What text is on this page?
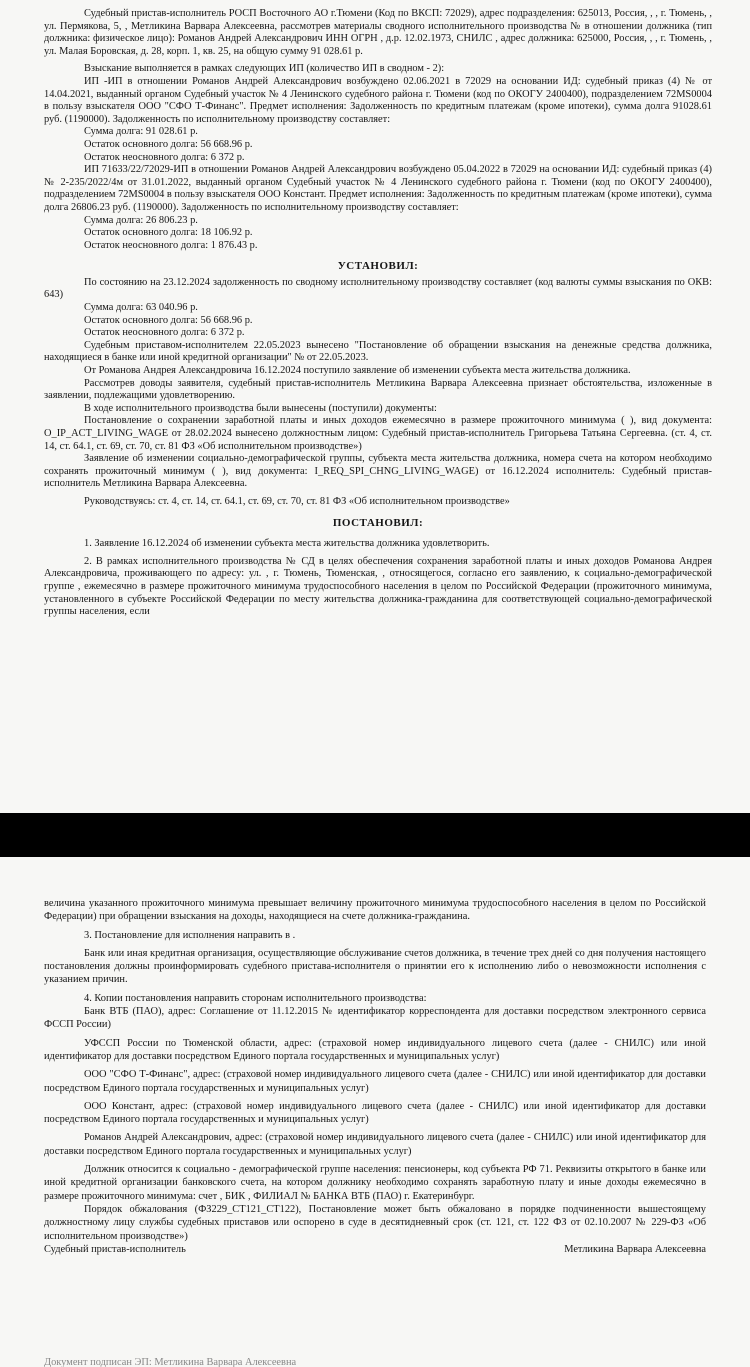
Судебный пристав-исполнитель РОСП Восточного АО г.Тюмени (Код по ВКСП: 72029), адрес подразделения: 625013, Россия, , , г. Тюмень, , ул. Пермякова, 5, , Метликина Варвара Алексеевна, рассмотрев материалы сводного исполнительного производства № в отношении должника (тип должника: физическое лицо): Романов Андрей Александрович ИНН ОГРН , д.р. 12.02.1973, СНИЛС , адрес должника: 625000, Россия, , , г. Тюмень, , ул. Малая Боровская, д. 28, корп. 1, кв. 25, на общую сумму 91 028.61 р.

Взыскание выполняется в рамках следующих ИП (количество ИП в сводном - 2):

ИП -ИП в отношении Романов Андрей Александрович возбуждено 02.06.2021 в 72029 на основании ИД: судебный приказ (4) № от 14.04.2021, выданный органом Судебный участок № 4 Ленинского судебного района г. Тюмени (код по ОКОГУ 2400400), подразделением 72МS0004 в пользу взыскателя ООО "СФО Т-Финанс". Предмет исполнения: Задолженность по кредитным платежам (кроме ипотеки), сумма долга 91028.61 руб. (1190000). Задолженность по исполнительному производству составляет:

Сумма долга: 91 028.61 р.

Остаток основного долга: 56 668.96 р.

Остаток неосновного долга: 6 372 р.

ИП 71633/22/72029-ИП в отношении Романов Андрей Александрович возбуждено 05.04.2022 в 72029 на основании ИД: судебный приказ (4) № 2-235/2022/4м от 31.01.2022, выданный органом Судебный участок № 4 Ленинского судебного района г. Тюмени (код по ОКОГУ 2400400), подразделением 72МS0004 в пользу взыскателя ООО Констант. Предмет исполнения: Задолженность по кредитным платежам (кроме ипотеки), сумма долга 26806.23 руб. (1190000). Задолженность по исполнительному производству составляет:

Сумма долга: 26 806.23 р.

Остаток основного долга: 18 106.92 р.

Остаток неосновного долга: 1 876.43 р.

УСТАНОВИЛ:

По состоянию на 23.12.2024 задолженность по сводному исполнительному производству составляет (код валюты суммы взыскания по ОКВ: 643)

Сумма долга: 63 040.96 р.

Остаток основного долга: 56 668.96 р.

Остаток неосновного долга: 6 372 р.

Судебным приставом-исполнителем 22.05.2023 вынесено "Постановление об обращении взыскания на денежные средства должника, находящиеся в банке или иной кредитной организации" № от 22.05.2023.

От Романова Андрея Александровича 16.12.2024 поступило заявление об изменении субъекта места жительства должника.

Рассмотрев доводы заявителя, судебный пристав-исполнитель Метликина Варвара Алексеевна признает обстоятельства, изложенные в заявлении, подлежащими удовлетворению.

В ходе исполнительного производства были вынесены (поступили) документы:

Постановление о сохранении заработной платы и иных доходов ежемесячно в размере прожиточного минимума ( ), вид документа: O_IP_ACT_LIVING_WAGE от 28.02.2024 вынесено должностным лицом: Судебный пристав-исполнитель Григорьева Татьяна Сергеевна. (ст. 4, ст. 14, ст. 64.1, ст. 69, ст. 70, ст. 81 ФЗ «Об исполнительном производстве»)

Заявление об изменении социально-демографической группы, субъекта места жительства должника, номера счета на котором необходимо сохранять прожиточный минимум ( ), вид документа: I_REQ_SPI_CHNG_LIVING_WAGE) от 16.12.2024 исполнитель: Судебный пристав-исполнитель Метликина Варвара Алексеевна.

Руководствуясь: ст. 4, ст. 14, ст. 64.1, ст. 69, ст. 70, ст. 81 ФЗ «Об исполнительном производстве»

ПОСТАНОВИЛ:

1. Заявление 16.12.2024 об изменении субъекта места жительства должника удовлетворить.

2. В рамках исполнительного производства № СД в целях обеспечения сохранения заработной платы и иных доходов Романова Андрея Александровича, проживающего по адресу: ул. , г. Тюмень, Тюменская, , относящегося, согласно его заявлению, к социально-демографической группе , ежемесячно в размере прожиточного минимума трудоспособного населения в целом по Российской Федерации (прожиточного минимума, установленного в субъекте Российской Федерации по месту жительства должника-гражданина для соответствующей социально-демографической группы населения, если

величина указанного прожиточного минимума превышает величину прожиточного минимума трудоспособного населения в целом по Российской Федерации) при обращении взыскания на доходы, находящиеся на счете должника-гражданина.

3. Постановление для исполнения направить в .

Банк или иная кредитная организация, осуществляющие обслуживание счетов должника, в течение трех дней со дня получения настоящего постановления должны проинформировать судебного пристава-исполнителя о принятии его к исполнению либо о невозможности исполнения с указанием причин.

4. Копии постановления направить сторонам исполнительного производства:

Банк ВТБ (ПАО), адрес: Соглашение от 11.12.2015 № идентификатор корреспондента для доставки посредством электронного сервиса ФССП России)

УФССП России по Тюменской области, адрес: (страховой номер индивидуального лицевого счета (далее - СНИЛС) или иной идентификатор для доставки посредством Единого портала государственных и муниципальных услуг)

ООО "СФО Т-Финанс", адрес: (страховой номер индивидуального лицевого счета (далее - СНИЛС) или иной идентификатор для доставки посредством Единого портала государственных и муниципальных услуг)

ООО Констант, адрес: (страховой номер индивидуального лицевого счета (далее - СНИЛС) или иной идентификатор для доставки посредством Единого портала государственных и муниципальных услуг)

Романов Андрей Александрович, адрес: (страховой номер индивидуального лицевого счета (далее - СНИЛС) или иной идентификатор для доставки посредством Единого портала государственных и муниципальных услуг)

Должник относится к социально - демографической группе населения: пенсионеры, код субъекта РФ 71. Реквизиты открытого в банке или иной кредитной организации банковского счета, на котором должнику необходимо сохранять заработную плату и иные доходы ежемесячно в размере прожиточного минимума: счет , БИК , ФИЛИАЛ № БАНКА ВТБ (ПАО) г. Екатеринбург.

Порядок обжалования (ФЗ229_СТ121_СТ122), Постановление может быть обжаловано в порядке подчиненности вышестоящему должностному лицу службы судебных приставов или оспорено в суде в десятидневный срок (ст. 121, ст. 122 ФЗ от 02.10.2007 № 229-ФЗ «Об исполнительном производстве»)

Судебный пристав-исполнитель	Метликина Варвара Алексеевна
Документ подписан ЭП: Метликина Варвара Алексеевна
